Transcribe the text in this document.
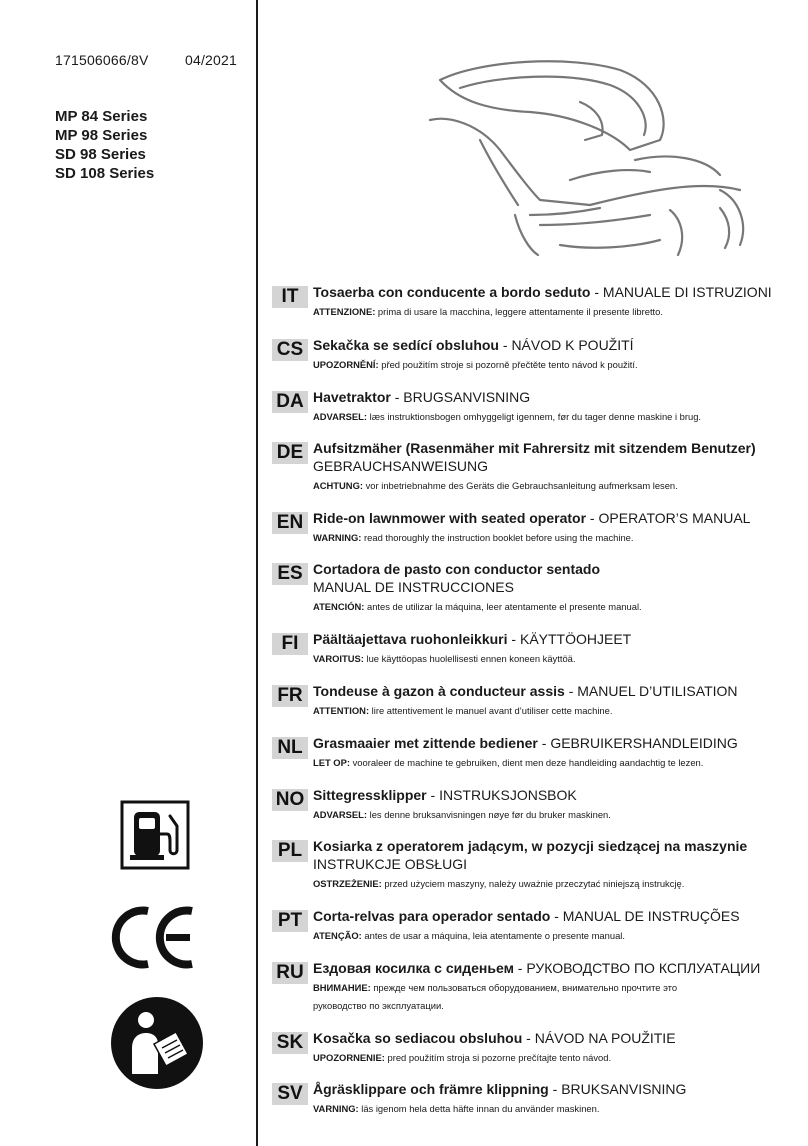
171506066/8V	04/2021
MP 84 Series
MP 98 Series
SD 98 Series
SD 108 Series
IT	Tosaerba con conducente a bordo seduto - MANUALE DI ISTRUZIONI
ATTENZIONE: prima di usare la macchina, leggere attentamente il presente libretto.
CS Sekačka se sedící obsluhou - NÁVOD K POUŽITÍ
UPOZORNĚNÍ: před použitím stroje si pozorně přečtěte tento návod k použití.
DA Havetraktor - BRUGSANVISNING
ADVARSEL: læs instruktionsbogen omhyggeligt igennem, før du tager denne maskine i brug.
DE Aufsitzmäher (Rasenmäher mit Fahrersitz mit sitzendem Benutzer)
GEBRAUCHSANWEISUNG
ACHTUNG: vor inbetriebnahme des Geräts die Gebrauchsanleitung aufmerksam lesen.
EN Ride-on lawnmower with seated operator - OPERATOR’S MANUAL
WARNING: read thoroughly the instruction booklet before using the machine.
ES Cortadora de pasto con conductor sentado
MANUAL DE INSTRUCCIONES
ATENCIÓN: antes de utilizar la máquina, leer atentamente el presente manual.
FI	Päältäajettava ruohonleikkuri - KÄYTTÖOHJEET
VAROITUS: lue käyttöopas huolellisesti ennen koneen käyttöä.
FR Tondeuse à gazon à conducteur assis - MANUEL D’UTILISATION
ATTENTION: lire attentivement le manuel avant d’utiliser cette machine.
NL Grasmaaier met zittende bediener - GEBRUIKERSHANDLEIDING
LET OP: vooraleer de machine te gebruiken, dient men deze handleiding aandachtig te lezen.
NO Sittegressklipper - INSTRUKSJONSBOK
ADVARSEL: les denne bruksanvisningen nøye før du bruker maskinen.
PL Kosiarka z operatorem jadącym, w pozycji siedzącej na maszynie
INSTRUKCJE OBSŁUGI
OSTRZEŻENIE: przed użyciem maszyny, należy uważnie przeczytać niniejszą instrukcję.
PT Corta-relvas para operador sentado - MANUAL DE INSTRUÇÕES
ATENÇÃO: antes de usar a máquina, leia atentamente o presente manual.
RU Ездовая косилка с сиденьем - РУКОВОДСТВО ПО КСПЛУАТАЦИИ
ВНИМАНИЕ: прежде чем пользоваться оборудованием, внимательно прочтите это
руководство по эксплуатации.
SK Kosačka so sediacou obsluhou - NÁVOD NA POUŽITIE
UPOZORNENIE: pred použitím stroja si pozorne prečítajte tento návod.
SV Ågräsklippare och främre klippning - BRUKSANVISNING
VARNING: läs igenom hela detta häfte innan du använder maskinen.
